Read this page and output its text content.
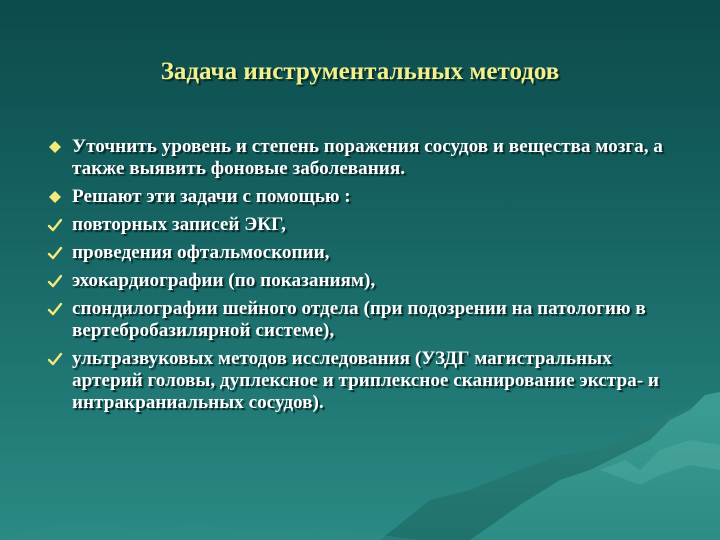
Задача инструментальных методов
Уточнить уровень и степень поражения сосудов и вещества мозга, а также выявить фоновые заболевания.
Решают эти задачи с помощью :
повторных записей ЭКГ,
проведения офтальмоскопии,
эхокардиографии (по показаниям),
спондилографии шейного отдела (при подозрении на патологию в вертебробазилярной системе),
ультразвуковых методов исследования (УЗДГ магистральных артерий головы, дуплексное и триплексное сканирование экстра- и интракраниальных сосудов).
